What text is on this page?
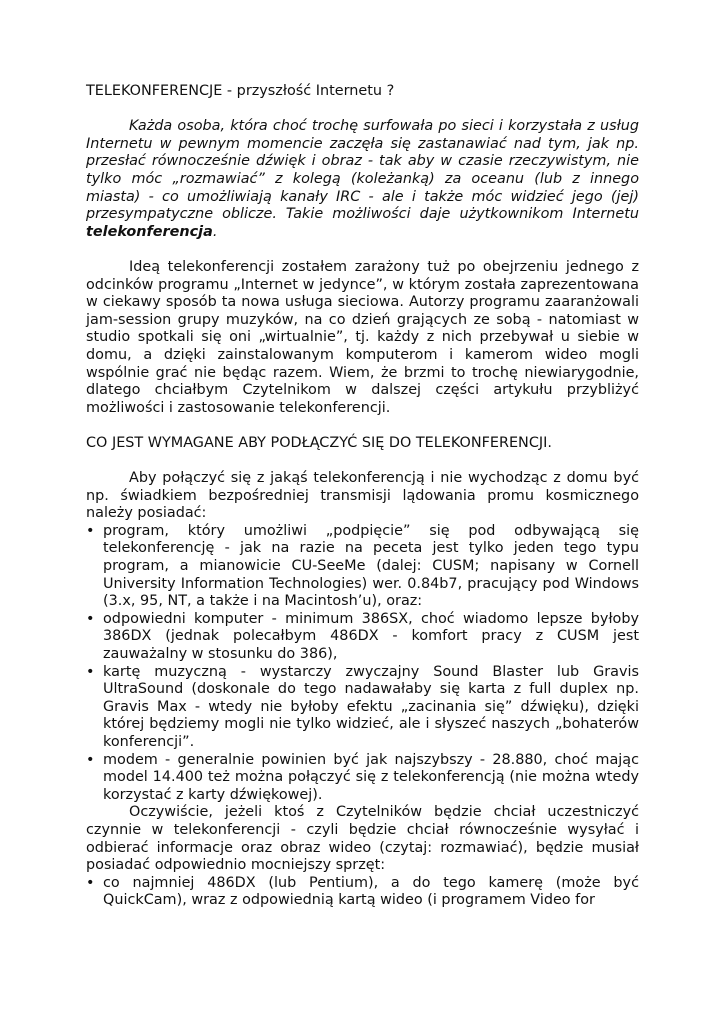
TELEKONFERENCJE - przyszłość Internetu ?

Każda osoba, która choć trochę surfowała po sieci i korzystała z usług Internetu w pewnym momencie zaczęła się zastanawiać nad tym, jak np. przesłać równocześnie dźwięk i obraz - tak aby w czasie rzeczywistym, nie tylko móc „rozmawiać” z kolegą (koleżanką) za oceanu (lub z innego miasta) - co umożliwiają kanały IRC - ale i także móc widzieć jego (jej) przesympatyczne oblicze. Takie możliwości daje użytkownikom Internetu telekonferencja.

Ideą telekonferencji zostałem zarażony tuż po obejrzeniu jednego z odcinków programu „Internet w jedynce”, w którym została zaprezentowana w ciekawy sposób ta nowa usługa sieciowa. Autorzy programu zaaranżowali jam-session grupy muzyków, na co dzień grających ze sobą - natomiast w studio spotkali się oni „wirtualnie”, tj. każdy z nich przebywał u siebie w domu, a dzięki zainstalowanym komputerom i kamerom wideo mogli wspólnie grać nie będąc razem. Wiem, że brzmi to trochę niewiarygodnie, dlatego chciałbym Czytelnikom w dalszej części artykułu przybliżyć możliwości i zastosowanie telekonferencji.

CO JEST WYMAGANE ABY PODŁĄCZYĆ SIĘ DO TELEKONFERENCJI.

Aby połączyć się z jakąś telekonferencją i nie wychodząc z domu być np. świadkiem bezpośredniej transmisji lądowania promu kosmicznego należy posiadać:

• program, który umożliwi „podpięcie” się pod odbywającą się telekonferencję - jak na razie na peceta jest tylko jeden tego typu program, a mianowicie CU-SeeMe (dalej: CUSM; napisany w Cornell University Information Technologies) wer. 0.84b7, pracujący pod Windows (3.x, 95, NT, a także i na Macintosh’u), oraz:
• odpowiedni komputer - minimum 386SX, choć wiadomo lepsze byłoby 386DX (jednak polecałbym 486DX - komfort pracy z CUSM jest zauważalny w stosunku do 386),
• kartę muzyczną - wystarczy zwyczajny Sound Blaster lub Gravis UltraSound (doskonale do tego nadawałaby się karta z full duplex np. Gravis Max - wtedy nie byłoby efektu „zacinania się” dźwięku), dzięki której będziemy mogli nie tylko widzieć, ale i słyszeć naszych „bohaterów konferencji”.
• modem - generalnie powinien być jak najszybszy - 28.880, choć mając model 14.400 też można połączyć się z telekonferencją (nie można wtedy korzystać z karty dźwiękowej).

Oczywiście, jeżeli ktoś z Czytelników będzie chciał uczestniczyć czynnie w telekonferencji - czyli będzie chciał równocześnie wysyłać i odbierać informacje oraz obraz wideo (czytaj: rozmawiać), będzie musiał posiadać odpowiednio mocniejszy sprzęt:

• co najmniej 486DX (lub Pentium), a do tego kamerę (może być QuickCam), wraz z odpowiednią kartą wideo (i programem Video for
